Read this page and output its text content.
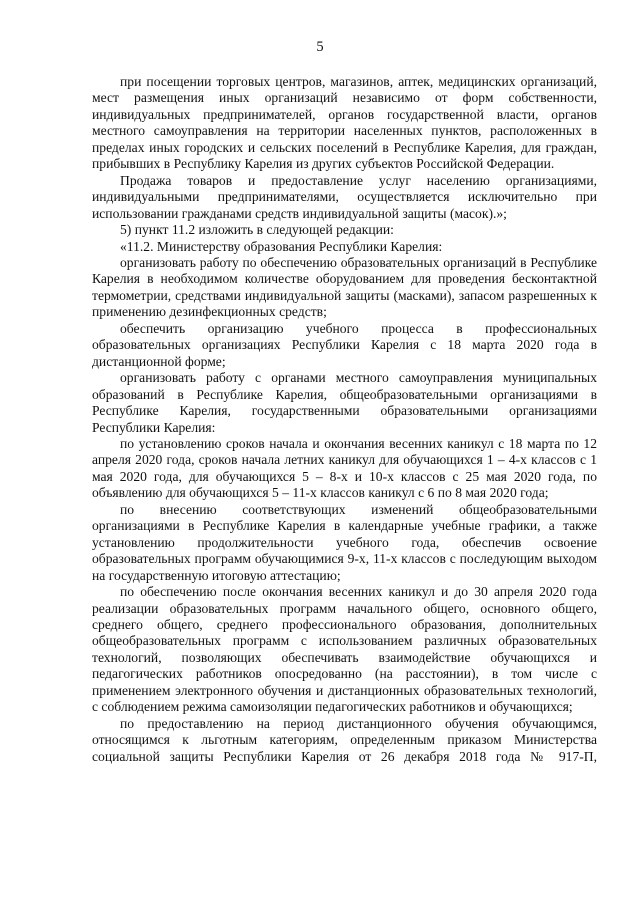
5

при посещении торговых центров, магазинов, аптек, медицинских организаций, мест размещения иных организаций независимо от форм собственности, индивидуальных предпринимателей, органов государственной власти, органов местного самоуправления на территории населенных пунктов, расположенных в пределах иных городских и сельских поселений в Республике Карелия, для граждан, прибывших в Республику Карелия из других субъектов Российской Федерации.

Продажа товаров и предоставление услуг населению организациями, индивидуальными предпринимателями, осуществляется исключительно при использовании гражданами средств индивидуальной защиты (масок).»;

5) пункт 11.2 изложить в следующей редакции:

«11.2. Министерству образования Республики Карелия:

организовать работу по обеспечению образовательных организаций в Республике Карелия в необходимом количестве оборудованием для проведения бесконтактной термометрии, средствами индивидуальной защиты (масками), запасом разрешенных к применению дезинфекционных средств;

обеспечить организацию учебного процесса в профессиональных образовательных организациях Республики Карелия с 18 марта 2020 года в дистанционной форме;

организовать работу с органами местного самоуправления муниципальных образований в Республике Карелия, общеобразовательными организациями в Республике Карелия, государственными образовательными организациями Республики Карелия:

по установлению сроков начала и окончания весенних каникул с 18 марта по 12 апреля 2020 года, сроков начала летних каникул для обучающихся 1 – 4-х классов с 1 мая 2020 года, для обучающихся 5 – 8-х и 10-х классов с 25 мая 2020 года, по объявлению для обучающихся 5 – 11-х классов каникул с 6 по 8 мая 2020 года;

по внесению соответствующих изменений общеобразовательными организациями в Республике Карелия в календарные учебные графики, а также установлению продолжительности учебного года, обеспечив освоение образовательных программ обучающимися 9-х, 11-х классов с последующим выходом на государственную итоговую аттестацию;

по обеспечению после окончания весенних каникул и до 30 апреля 2020 года реализации образовательных программ начального общего, основного общего, среднего общего, среднего профессионального образования, дополнительных общеобразовательных программ с использованием различных образовательных технологий, позволяющих обеспечивать взаимодействие обучающихся и педагогических работников опосредованно (на расстоянии), в том числе с применением электронного обучения и дистанционных образовательных технологий, с соблюдением режима самоизоляции педагогических работников и обучающихся;

по предоставлению на период дистанционного обучения обучающимся, относящимся к льготным категориям, определенным приказом Министерства социальной защиты Республики Карелия от 26 декабря 2018 года № 917-П,
